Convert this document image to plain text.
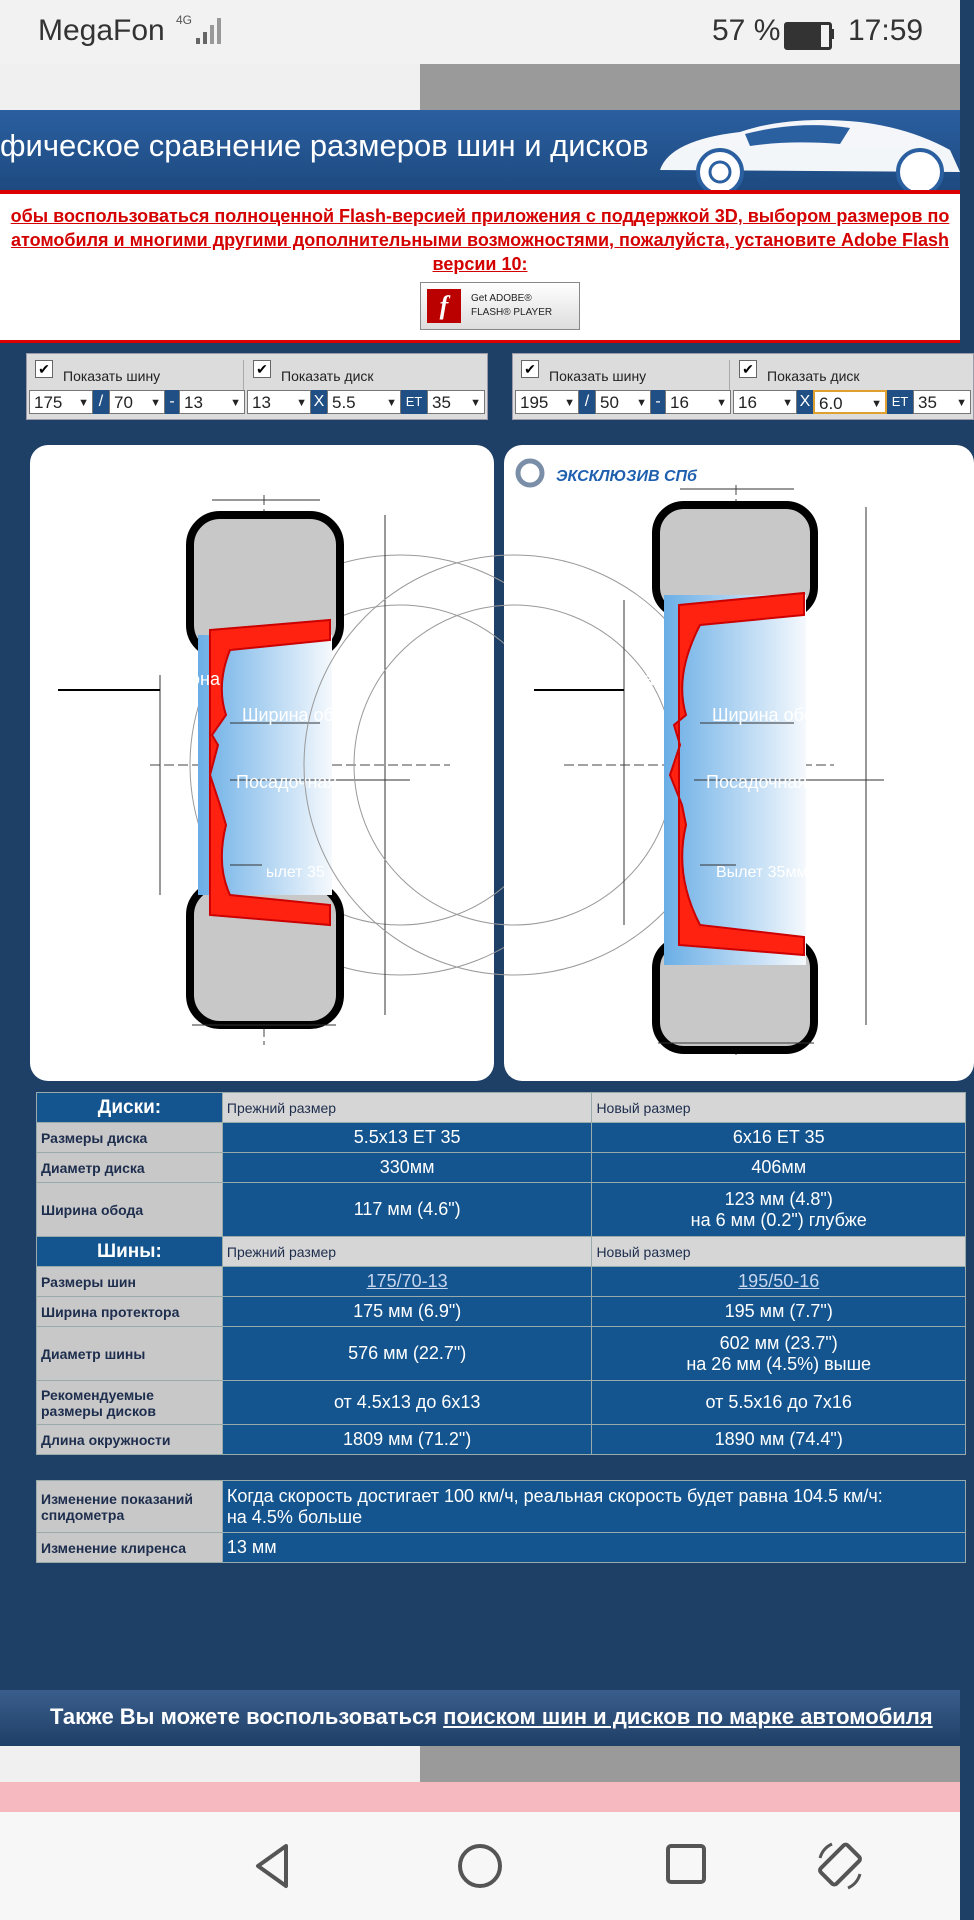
MegaFon 4G	57 % 17:59
фическое сравнение размеров шин и дисков
обы воспользоваться полноценной Flash-версией приложения с поддержкой 3D, выбором размеров по
атомобиля и многими другими дополнительными возможностями, пожалуйста, установите Adobe Flash
версии 10:
f	Get ADOBE®
FLASH® PLAYER
✔ Показать шину	✔ Показать диск
175 ▼ / 70 ▼ - 13 ▼ 13 ▼ X 5.5	▼ ET 35 ▼
✔ Показать шину	✔ Показать диск
195 ▼ / 50 ▼ - 16 ▼ 16 ▼ X 6.0	▼ ET 35 ▼
рона
Ширина обо
Посадочная
ылет 35
ЭКСКЛЮЗИВ СПб
рона
Ширина обо
Посадочная
Вылет 35мм
Диски:	Прежний размер	Новый размер
Размеры диска	5.5x13 ET 35	6x16 ET 35
Диаметр диска	330мм	406мм
Ширина обода	117 мм (4.6")	123 мм (4.8")
на 6 мм (0.2") глубже

Шины:	Прежний размер	Новый размер
Размеры шин	175/70-13	195/50-16
Ширина протектора	175 мм (6.9")	195 мм (7.7")
Диаметр шины	576 мм (22.7")	602 мм (23.7")
на 26 мм (4.5%) выше

Рекомендуемые размеры дисков	от 4.5x13 до 6x13	от 5.5x16 до 7x16
Длина окружности	1809 мм (71.2")	1890 мм (74.4")
Изменение показаний спидометра	Когда скорость достигает 100 км/ч, реальная скорость будет равна 104.5 км/ч:
на 4.5% больше

Изменение клиренса	13 мм
Также Вы можете воспользоваться поиском шин и дисков по марке автомобиля
